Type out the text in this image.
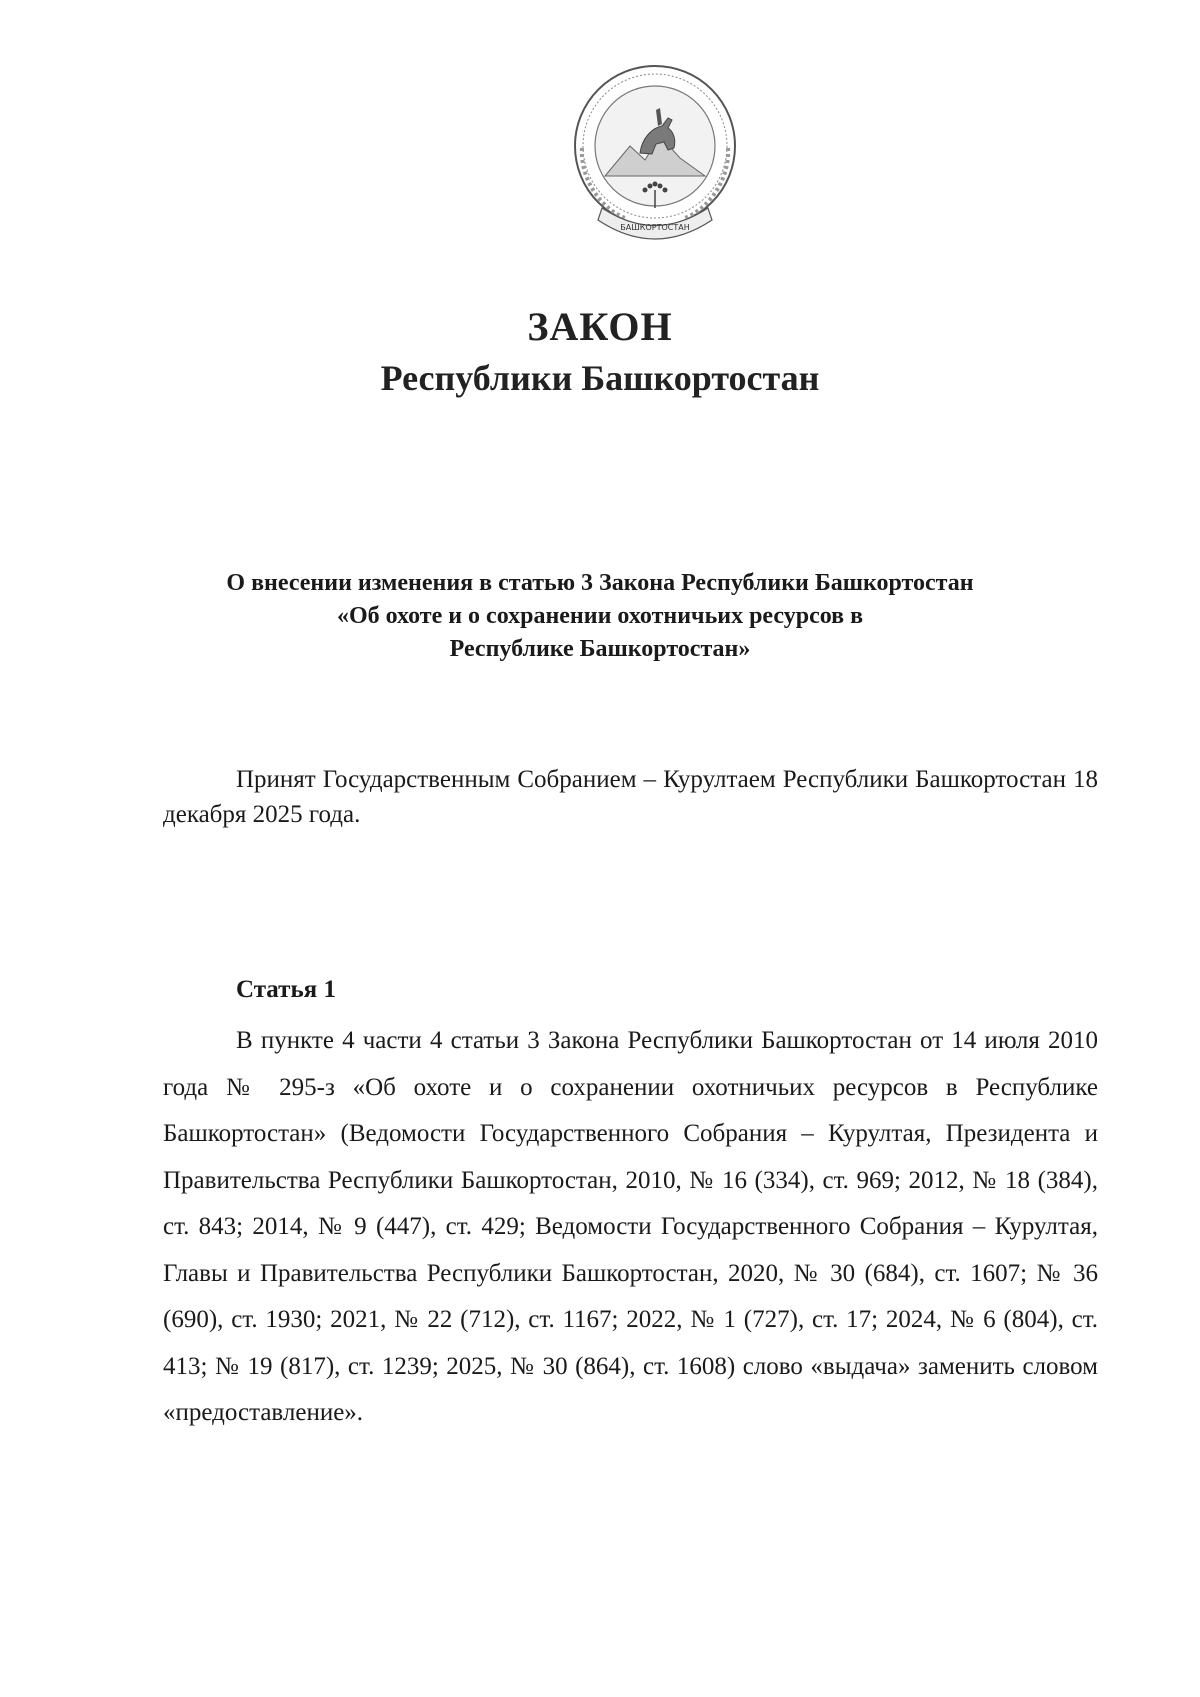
БАШКОРТОСТАН
ЗАКОН
Республики Башкортостан
О внесении изменения в статью 3 Закона Республики Башкортостан
«Об охоте и о сохранении охотничьих ресурсов в
Республике Башкортостан»
Принят Государственным Собранием – Курултаем Республики Башкортостан 18 декабря 2025 года.
Статья 1
В пункте 4 части 4 статьи 3 Закона Республики Башкортостан от 14 июля 2010 года № 295-з «Об охоте и о сохранении охотничьих ресурсов в Республике Башкортостан» (Ведомости Государственного Собрания – Курултая, Президента и Правительства Республики Башкортостан, 2010, № 16 (334), ст. 969; 2012, № 18 (384), ст. 843; 2014, № 9 (447), ст. 429; Ведомости Государственного Собрания – Курултая, Главы и Правительства Республики Башкортостан, 2020, № 30 (684), ст. 1607; № 36 (690), ст. 1930; 2021, № 22 (712), ст. 1167; 2022, № 1 (727), ст. 17; 2024, № 6 (804), ст. 413; № 19 (817), ст. 1239; 2025, № 30 (864), ст. 1608) слово «выдача» заменить словом «предоставление».
